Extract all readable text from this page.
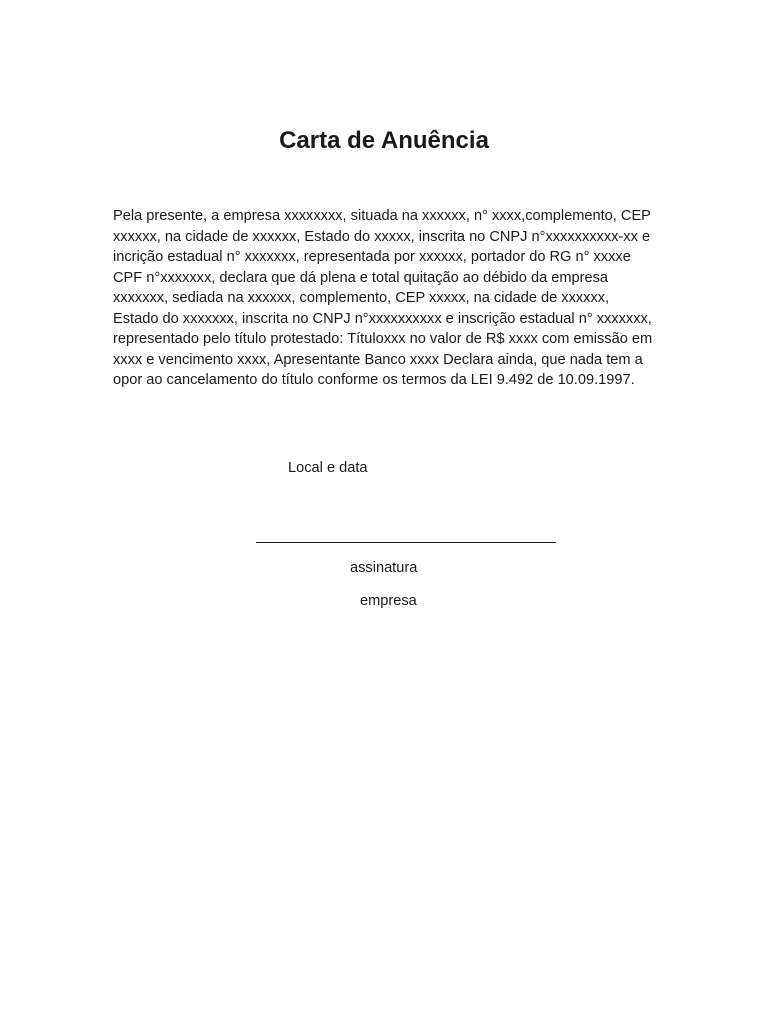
Carta de Anuência

Pela presente, a empresa xxxxxxxx, situada na xxxxxx, n° xxxx,complemento, CEP xxxxxx, na cidade de xxxxxx, Estado do xxxxx, inscrita no CNPJ n°xxxxxxxxxx-xx e incrição estadual n° xxxxxxx, representada por xxxxxx, portador do RG n° xxxxe CPF n°xxxxxxx, declara que dá plena e total quitação ao débido da empresa xxxxxxx, sediada na xxxxxx, complemento, CEP xxxxx, na cidade de xxxxxx, Estado do xxxxxxx, inscrita no CNPJ n°xxxxxxxxxx e inscrição estadual n° xxxxxxx, representado pelo título protestado: Títuloxxx no valor de R$ xxxx com emissão em xxxx e vencimento xxxx, Apresentante Banco xxxx Declara ainda, que nada tem a opor ao cancelamento do título conforme os termos da LEI 9.492 de 10.09.1997.

Local e data
assinatura
empresa
